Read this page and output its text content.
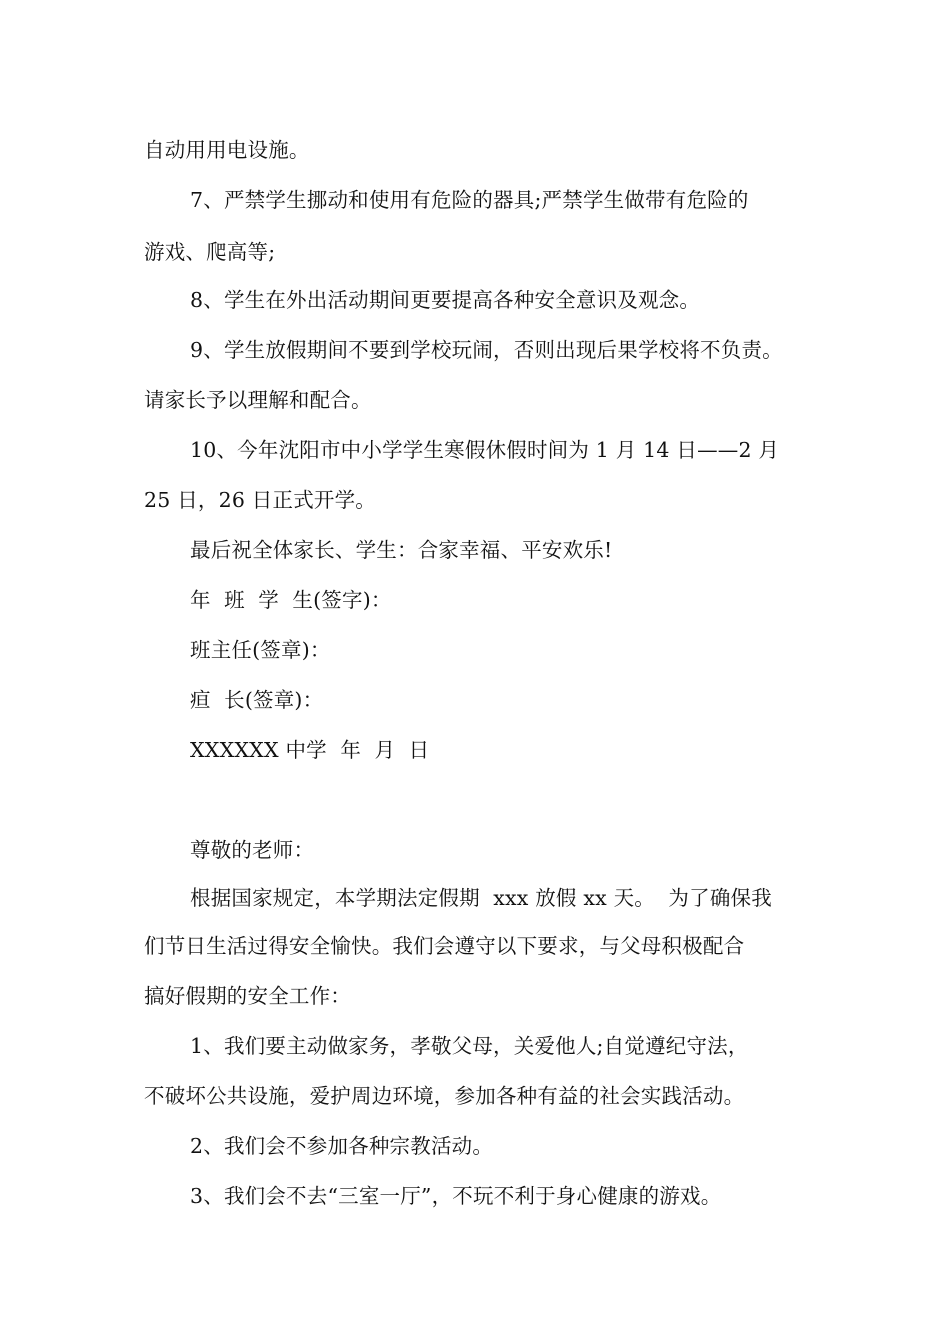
自动用用电设施。
7、严禁学生挪动和使用有危险的器具;严禁学生做带有危险的
游戏、爬高等;
8、学生在外出活动期间更要提高各种安全意识及观念。
9、学生放假期间不要到学校玩闹，否则出现后果学校将不负责。
请家长予以理解和配合。
10、今年沈阳市中小学学生寒假休假时间为 1 月 14 日——2 月
25 日，26 日正式开学。
最后祝全体家长、学生：合家幸福、平安欢乐!
年  班  学  生(签字)：
班主任(签章)：
疸  长(签章)：
XXXXXX 中学  年  月  日
尊敬的老师：
根据国家规定，本学期法定假期  xxx 放假 xx 天。  为了确保我
们节日生活过得安全愉快。我们会遵守以下要求，与父母积极配合
搞好假期的安全工作：
1、我们要主动做家务，孝敬父母，关爱他人;自觉遵纪守法，
不破坏公共设施，爱护周边环境，参加各种有益的社会实践活动。
2、我们会不参加各种宗教活动。
3、我们会不去“三室一厅”，不玩不利于身心健康的游戏。
